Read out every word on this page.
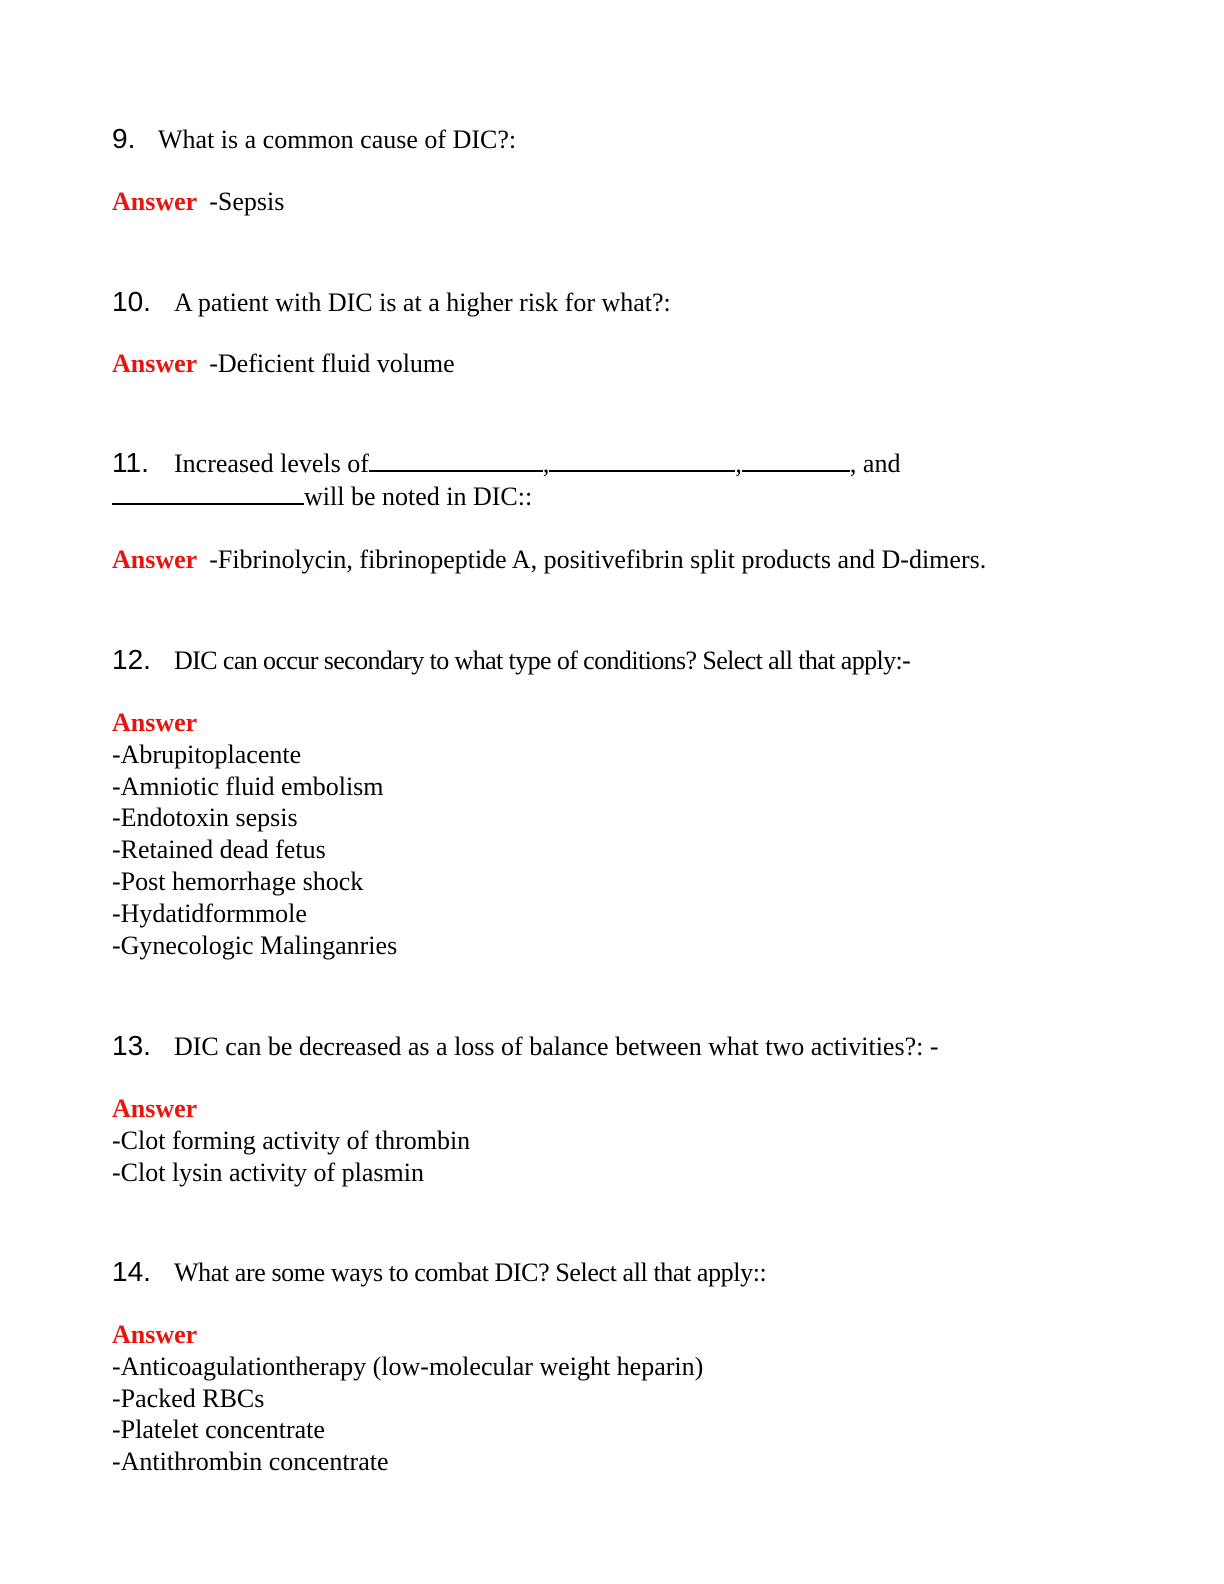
9. What is a common cause of DIC?:
Answer -Sepsis
10. A patient with DIC is at a higher risk for what?:
Answer -Deficient fluid volume
11. Increased levels of	,	,	, and
will be noted in DIC::
Answer -Fibrinolycin, fibrinopeptide A, positivefibrin split products and D-dimers.
12. DIC can occur secondary to what type of conditions? Select all that apply:-
Answer
-Abrupitoplacente
-Amniotic fluid embolism
-Endotoxin sepsis
-Retained dead fetus
-Post hemorrhage shock
-Hydatidformmole
-Gynecologic Malinganries
13. DIC can be decreased as a loss of balance between what two activities?: -
Answer
-Clot forming activity of thrombin
-Clot lysin activity of plasmin
14. What are some ways to combat DIC? Select all that apply::
Answer
-Anticoagulationtherapy (low-molecular weight heparin)
-Packed RBCs
-Platelet concentrate
-Antithrombin concentrate
